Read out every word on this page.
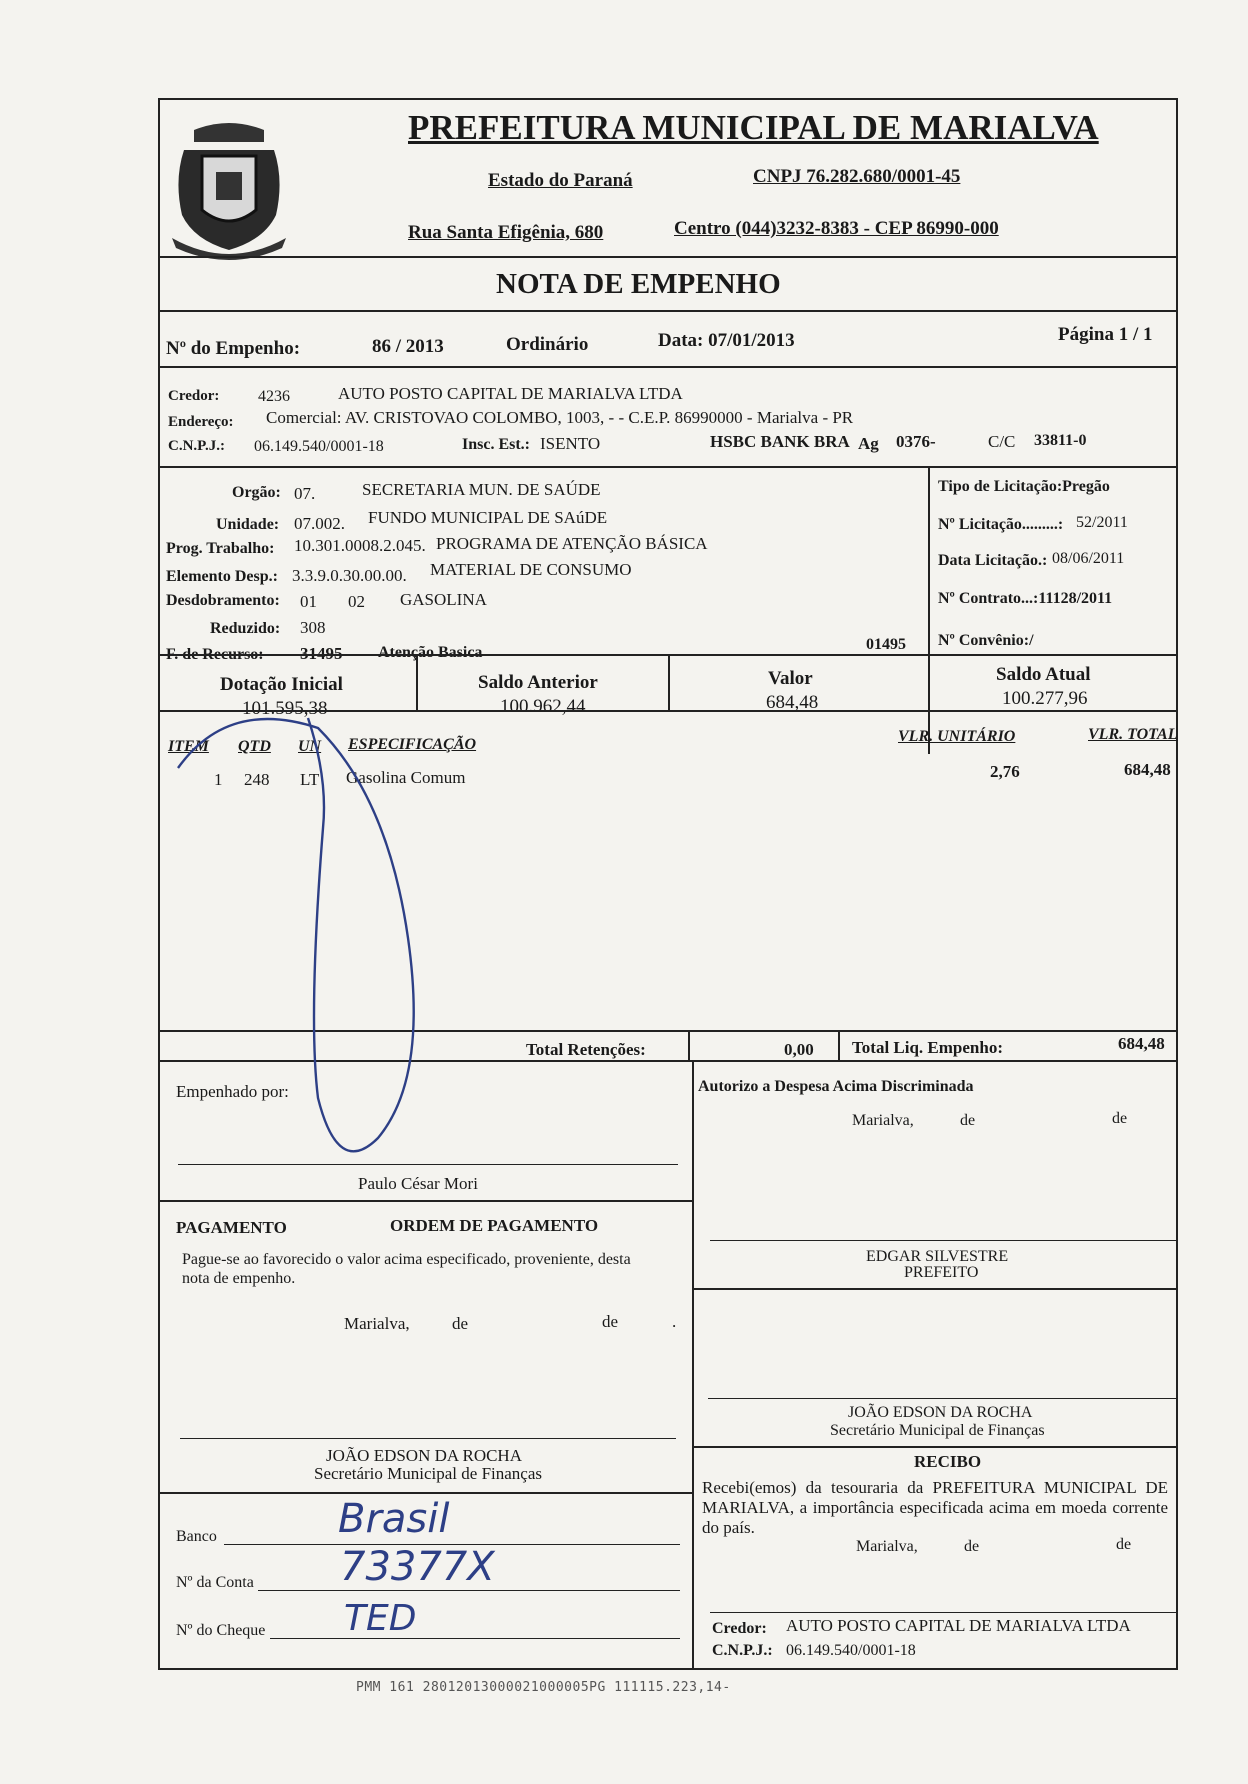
PREFEITURA MUNICIPAL DE MARIALVA
Estado do Paraná	CNPJ 76.282.680/0001-45
Rua Santa Efigênia, 680	Centro (044)3232-8383 - CEP 86990-000
NOTA DE EMPENHO
Nº do Empenho:	86 / 2013	Ordinário	Data: 07/01/2013	Página 1 / 1
Credor: 4236	AUTO POSTO CAPITAL DE MARIALVA LTDA
Endereço: Comercial: AV. CRISTOVAO COLOMBO, 1003, - - C.E.P. 86990000 - Marialva - PR
C.N.P.J.: 06.149.540/0001-18	Insc. Est.: ISENTO	HSBC BANK BRA Ag 0376-	C/C 33811-0
Orgão: 07.	SECRETARIA MUN. DE SAÚDE
Unidade: 07.002. FUNDO MUNICIPAL DE SAúDE
Prog. Trabalho: 10.301.0008.2.045. PROGRAMA DE ATENÇÃO BÁSICA
Elemento Desp.: 3.3.9.0.30.00.00. MATERIAL DE CONSUMO
Desdobramento: 01 02 GASOLINA
Reduzido: 308
F. de Recurso: 31495 Atenção Basica	01495
Tipo de Licitação:Pregão
Nº Licitação.........: 52/2011
Data Licitação.: 08/06/2011
Nº Contrato...:11128/2011
Nº Convênio:/
Dotação Inicial
101.595,38
Saldo Anterior
100.962,44
Valor
684,48
Saldo Atual
100.277,96
ITEM QTD UN ESPECIFICAÇÃO	VLR. UNITÁRIO	VLR. TOTAL
1 248 LT Gasolina Comum	2,76	684,48
Total Retenções:	0,00 Total Liq. Empenho:	684,48
Empenhado por:
Paulo César Mori
PAGAMENTO	ORDEM DE PAGAMENTO
Pague-se ao favorecido o valor acima especificado, proveniente, desta nota de empenho.
Marialva, de	de	.
JOÃO EDSON DA ROCHA
Secretário Municipal de Finanças
Banco	Brasil
Nº da Conta 73377X
Nº do Cheque TED
Autorizo a Despesa Acima Discriminada
Marialva,	de	de
EDGAR SILVESTRE
PREFEITO
JOÃO EDSON DA ROCHA
Secretário Municipal de Finanças
RECIBO
Recebi(emos) da tesouraria da PREFEITURA MUNICIPAL DE MARIALVA, a importância especificada acima em moeda corrente do país.
Marialva,	de	de
Credor: AUTO POSTO CAPITAL DE MARIALVA LTDA
C.N.P.J.: 06.149.540/0001-18
PMM 161 28012013000021000005PG 111115.223,14-
